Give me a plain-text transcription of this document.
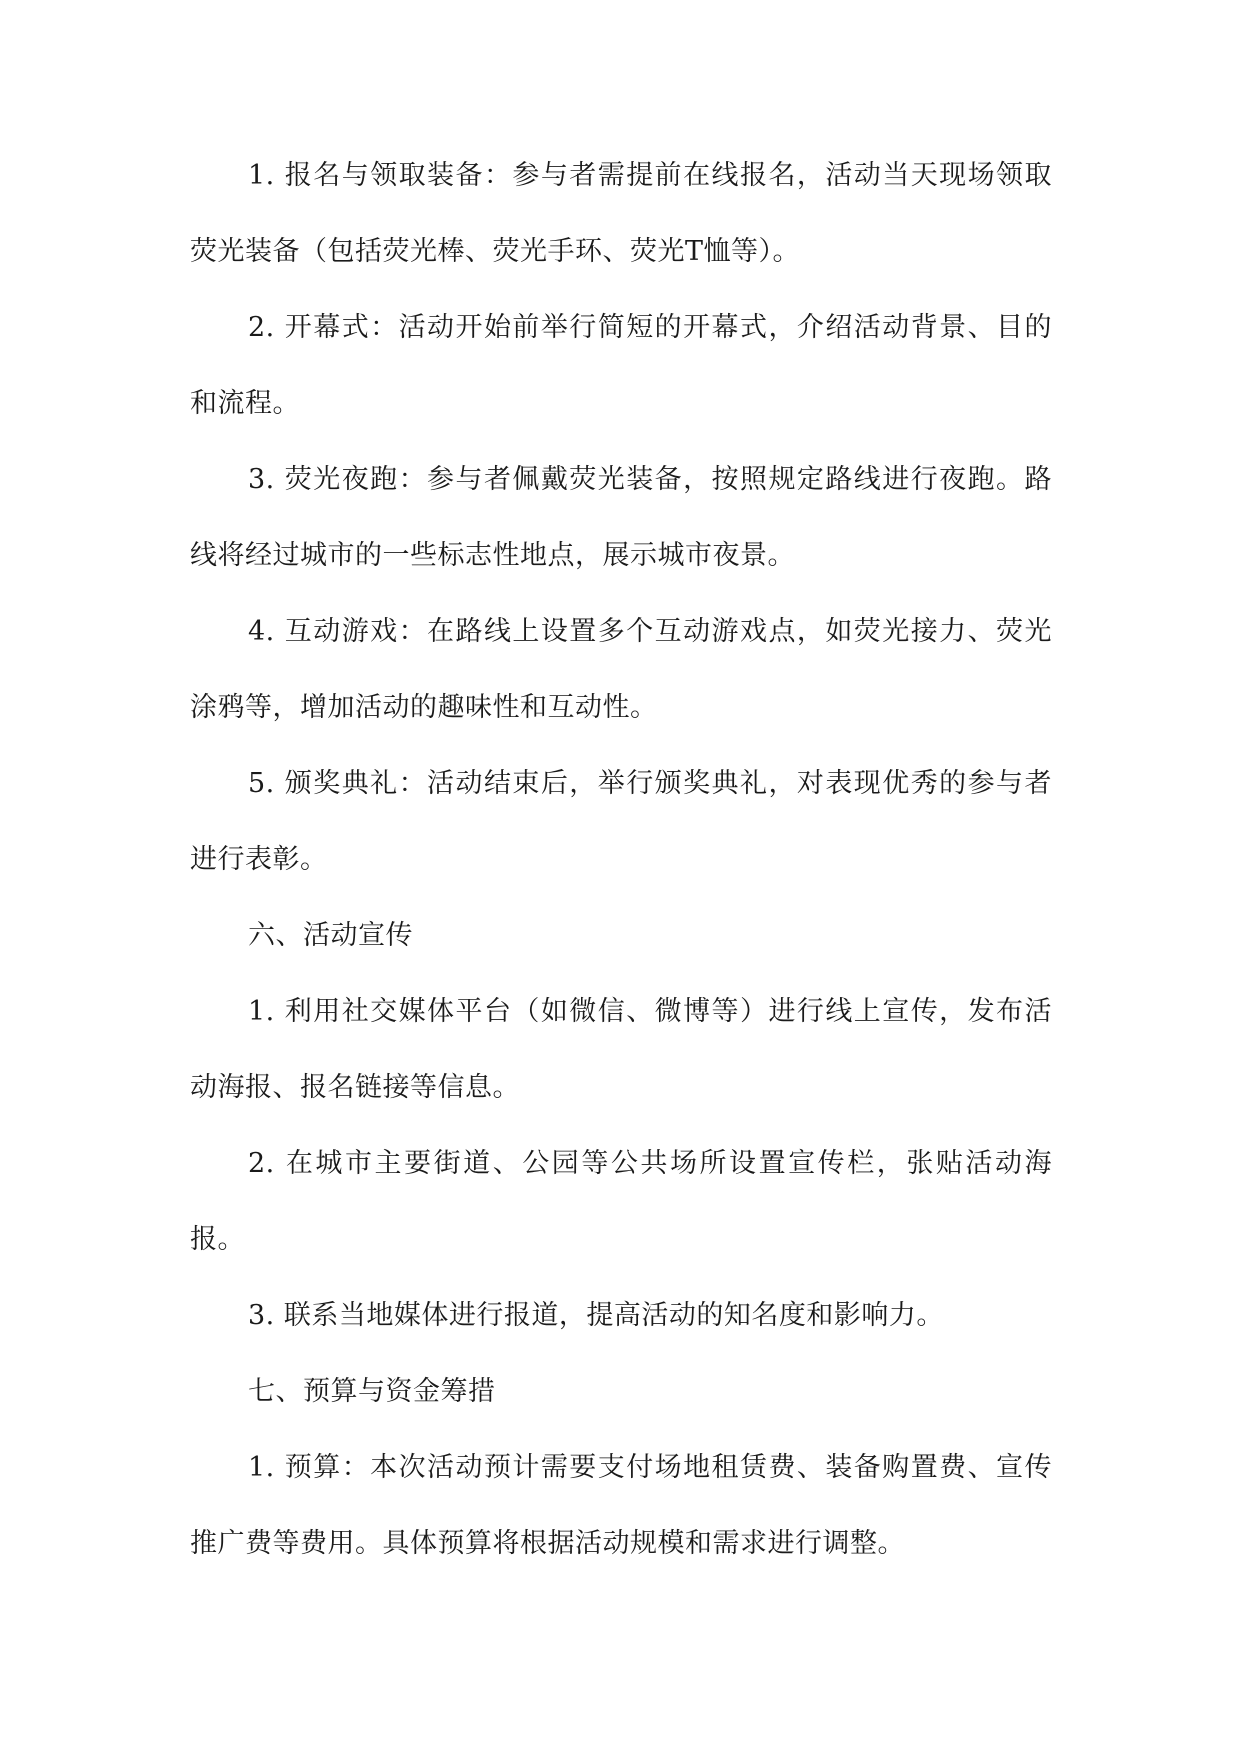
1. 报名与领取装备：参与者需提前在线报名，活动当天现场领取荧光装备（包括荧光棒、荧光手环、荧光T恤等）。

2. 开幕式：活动开始前举行简短的开幕式，介绍活动背景、目的和流程。

3. 荧光夜跑：参与者佩戴荧光装备，按照规定路线进行夜跑。路线将经过城市的一些标志性地点，展示城市夜景。

4. 互动游戏：在路线上设置多个互动游戏点，如荧光接力、荧光涂鸦等，增加活动的趣味性和互动性。

5. 颁奖典礼：活动结束后，举行颁奖典礼，对表现优秀的参与者进行表彰。

六、活动宣传

1. 利用社交媒体平台（如微信、微博等）进行线上宣传，发布活动海报、报名链接等信息。

2. 在城市主要街道、公园等公共场所设置宣传栏，张贴活动海报。

3. 联系当地媒体进行报道，提高活动的知名度和影响力。

七、预算与资金筹措

1. 预算：本次活动预计需要支付场地租赁费、装备购置费、宣传推广费等费用。具体预算将根据活动规模和需求进行调整。
